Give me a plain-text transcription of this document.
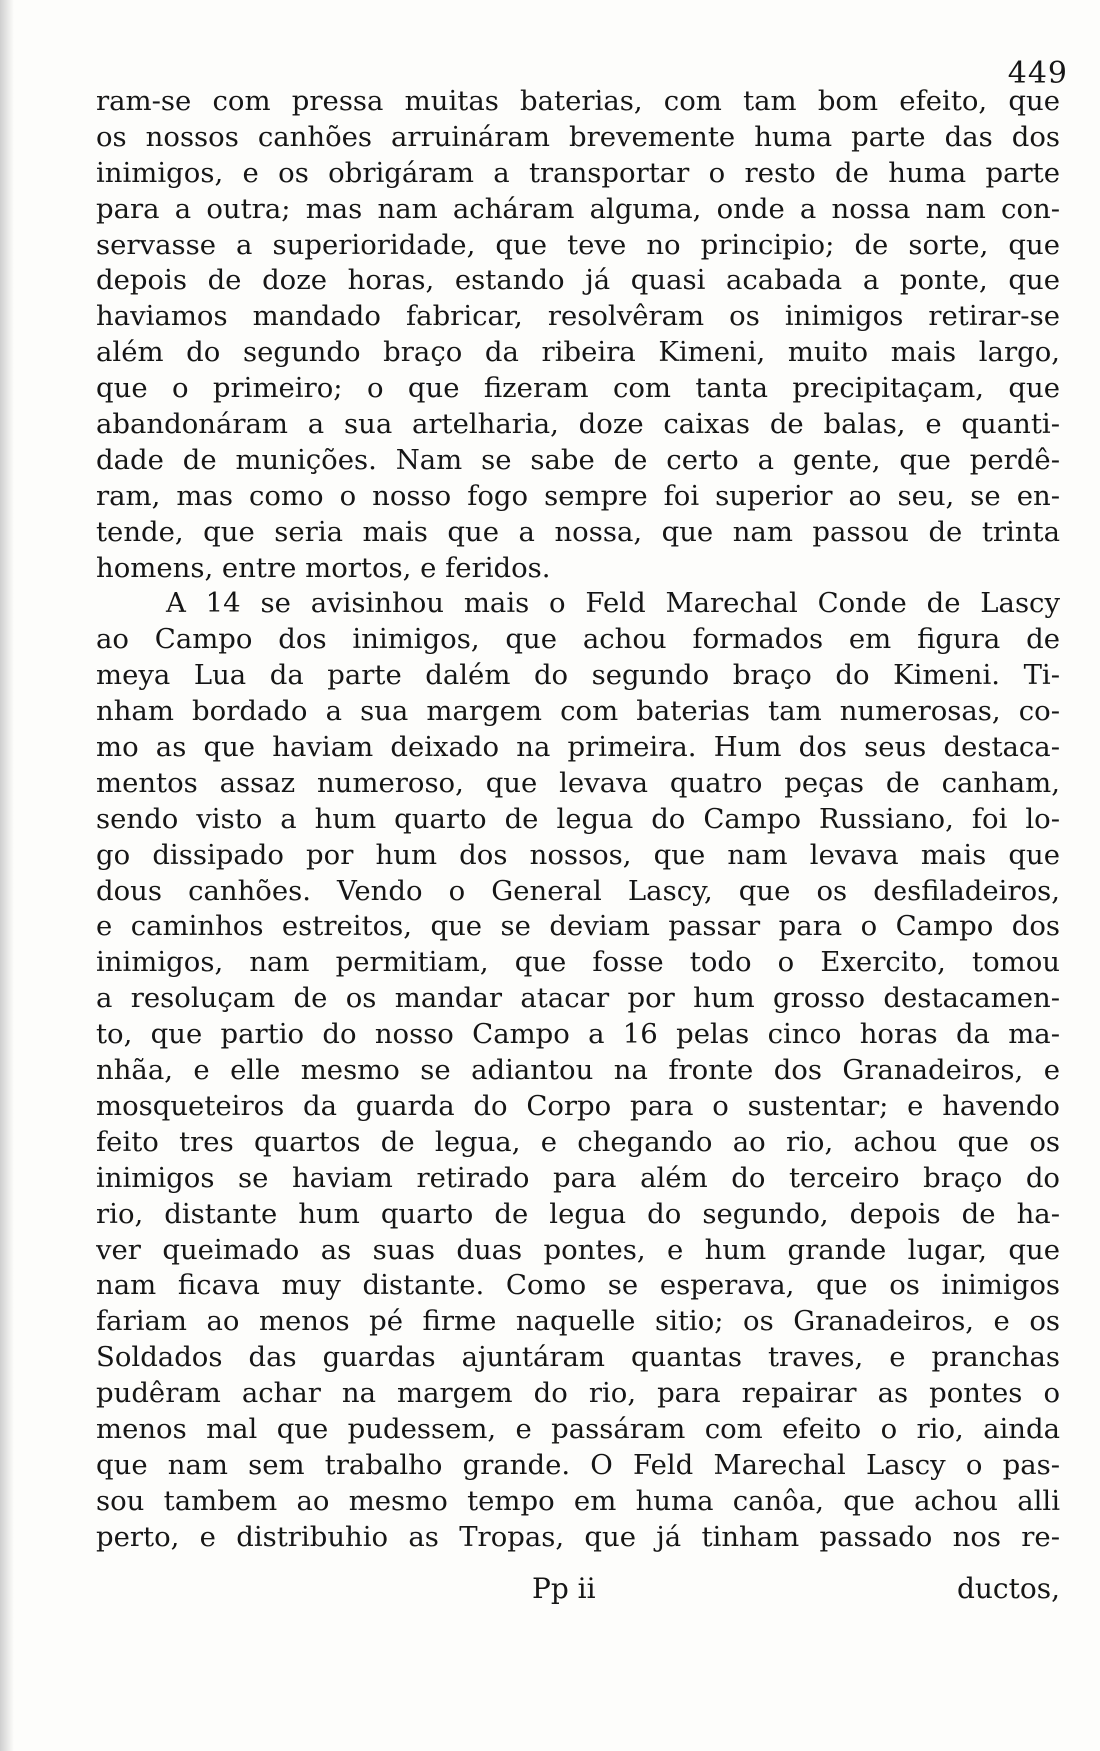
449
ram-se com pressa muitas baterias, com tam bom efeito, que
os nossos canhões arruináram brevemente huma parte das dos
inimigos, e os obrigáram a transportar o resto de huma parte
para a outra; mas nam acháram alguma, onde a nossa nam con-
servasse a superioridade, que teve no principio; de sorte, que
depois de doze horas, estando já quasi acabada a ponte, que
haviamos mandado fabricar, resolvêram os inimigos retirar-se
além do segundo braço da ribeira Kimeni, muito mais largo,
que o primeiro; o que fizeram com tanta precipitaçam, que
abandonáram a sua artelharia, doze caixas de balas, e quanti-
dade de munições. Nam se sabe de certo a gente, que perdê-
ram, mas como o nosso fogo sempre foi superior ao seu, se en-
tende, que seria mais que a nossa, que nam passou de trinta
homens, entre mortos, e feridos.
A 14 se avisinhou mais o Feld Marechal Conde de Lascy
ao Campo dos inimigos, que achou formados em figura de
meya Lua da parte dalém do segundo braço do Kimeni. Ti-
nham bordado a sua margem com baterias tam numerosas, co-
mo as que haviam deixado na primeira. Hum dos seus destaca-
mentos assaz numeroso, que levava quatro peças de canham,
sendo visto a hum quarto de legua do Campo Russiano, foi lo-
go dissipado por hum dos nossos, que nam levava mais que
dous canhões. Vendo o General Lascy, que os desfiladeiros,
e caminhos estreitos, que se deviam passar para o Campo dos
inimigos, nam permitiam, que fosse todo o Exercito, tomou
a resoluçam de os mandar atacar por hum grosso destacamen-
to, que partio do nosso Campo a 16 pelas cinco horas da ma-
nhãa, e elle mesmo se adiantou na fronte dos Granadeiros, e
mosqueteiros da guarda do Corpo para o sustentar; e havendo
feito tres quartos de legua, e chegando ao rio, achou que os
inimigos se haviam retirado para além do terceiro braço do
rio, distante hum quarto de legua do segundo, depois de ha-
ver queimado as suas duas pontes, e hum grande lugar, que
nam ficava muy distante. Como se esperava, que os inimigos
fariam ao menos pé firme naquelle sitio; os Granadeiros, e os
Soldados das guardas ajuntáram quantas traves, e pranchas
pudêram achar na margem do rio, para repairar as pontes o
menos mal que pudessem, e passáram com efeito o rio, ainda
que nam sem trabalho grande. O Feld Marechal Lascy o pas-
sou tambem ao mesmo tempo em huma canôa, que achou alli
perto, e distribuhio as Tropas, que já tinham passado nos re-
Pp ii	ductos,
